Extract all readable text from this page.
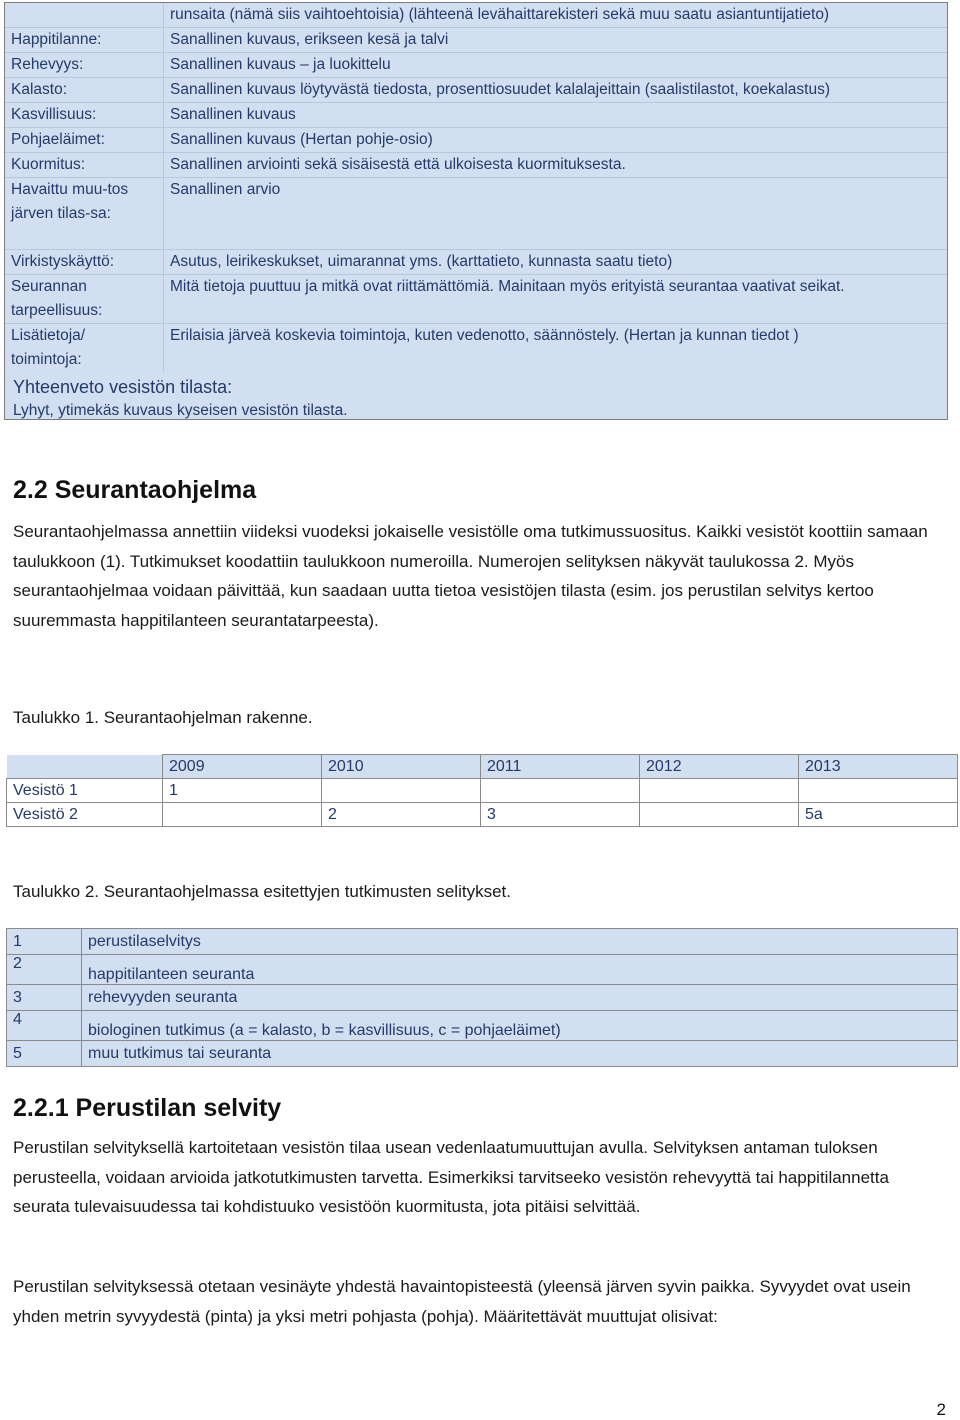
	runsaita (nämä siis vaihtoehtoisia) (lähteenä levähaittarekisteri sekä muu saatu asiantuntijatieto)
Happitilanne:	Sanallinen kuvaus, erikseen kesä ja talvi
Rehevyys:	Sanallinen kuvaus – ja luokittelu
Kalasto:	Sanallinen kuvaus löytyvästä tiedosta, prosenttiosuudet kalalajeittain (saalistilastot, koekalastus)
Kasvillisuus:	Sanallinen kuvaus
Pohjaeläimet:	Sanallinen kuvaus (Hertan pohje-osio)
Kuormitus:	Sanallinen arviointi sekä sisäisestä että ulkoisesta kuormituksesta.
Havaittu muu-tos järven tilas-sa:	Sanallinen arvio
Virkistyskäyttö:	Asutus, leirikeskukset, uimarannat yms. (karttatieto, kunnasta saatu tieto)
Seurannan tarpeellisuus:	Mitä tietoja puuttuu ja mitkä ovat riittämättömiä. Mainitaan myös erityistä seurantaa vaativat seikat.
Lisätietoja/ toimintoja:	Erilaisia järveä koskevia toimintoja, kuten vedenotto, säännöstely. (Hertan ja kunnan tiedot )
Yhteenveto vesistön tilasta:
Lyhyt, ytimekäs kuvaus kyseisen vesistön tilasta.
2.2 Seurantaohjelma
Seurantaohjelmassa annettiin viideksi vuodeksi jokaiselle vesistölle oma tutkimussuositus. Kaikki vesistöt koottiin samaan taulukkoon (1). Tutkimukset koodattiin taulukkoon numeroilla. Numerojen selityksen näkyvät taulukossa 2. Myös seurantaohjelmaa voidaan päivittää, kun saadaan uutta tietoa vesistöjen tilasta (esim. jos perustilan selvitys kertoo suuremmasta happitilanteen seurantatarpeesta).
Taulukko 1. Seurantaohjelman rakenne.
	2009	2010	2011	2012	2013
Vesistö 1	1				
Vesistö 2		2	3		5a
Taulukko 2. Seurantaohjelmassa esitettyjen tutkimusten selitykset.
1	perustilaselvitys
2	happitilanteen seuranta
3	rehevyyden seuranta
4	biologinen tutkimus (a = kalasto, b = kasvillisuus, c = pohjaeläimet)
5	muu tutkimus tai seuranta
2.2.1 Perustilan selvity
Perustilan selvityksellä kartoitetaan vesistön tilaa usean vedenlaatumuuttujan avulla. Selvityksen antaman tuloksen perusteella, voidaan arvioida jatkotutkimusten tarvetta. Esimerkiksi tarvitseeko vesistön rehevyyttä tai happitilannetta seurata tulevaisuudessa tai kohdistuuko vesistöön kuormitusta, jota pitäisi selvittää.
Perustilan selvityksessä otetaan vesinäyte yhdestä havaintopisteestä (yleensä järven syvin paikka. Syvyydet ovat usein yhden metrin syvyydestä (pinta) ja yksi metri pohjasta (pohja). Määritettävät muuttujat olisivat:
2
